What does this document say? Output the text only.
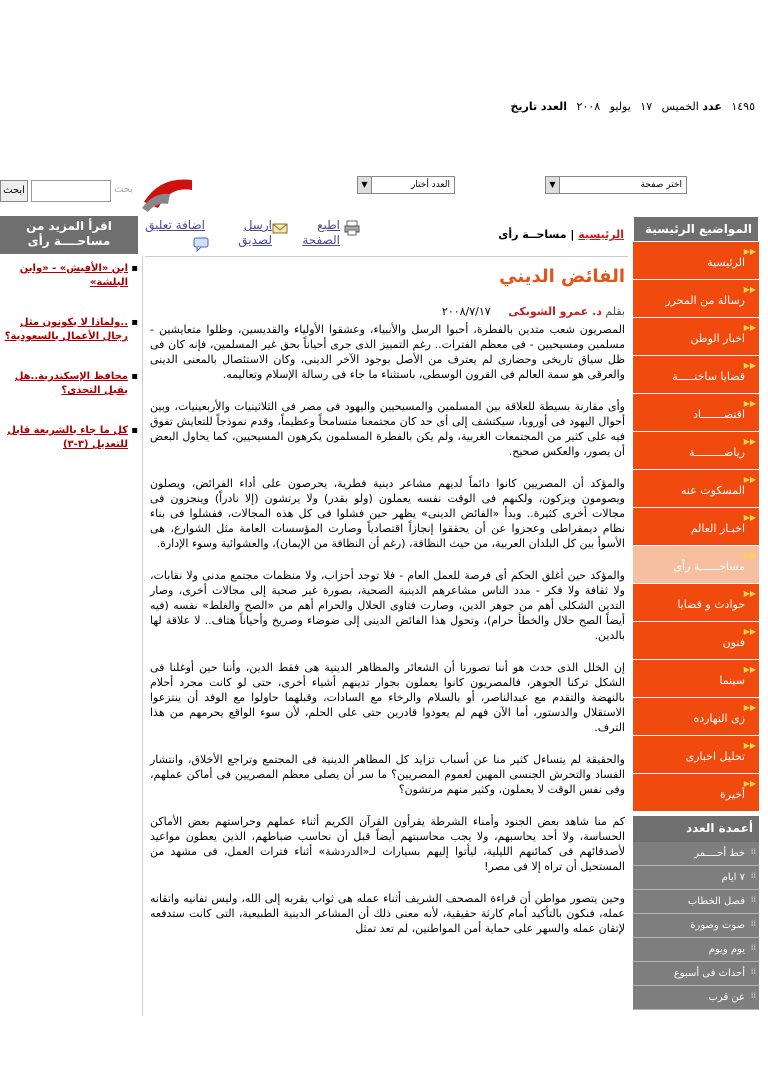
١٤٩٥ عدد الخميس ١٧ يوليو ٢٠٠٨ العدد تاريخ
ابحث	بحث	▼	العدد أختار	▼	اختر صفحة
اقرأ المزيد من مساحــــة رأى
▪ ابن «الأفيش» - «وابن البلشة»
▪ ..ولماذا لا يكونون مثل رجال الأعمال بالسعودية؟
▪ محافظ الإسكندرية..هل يقبل التحدى؟
▪ كل ما جاء بالشريعة قابل للتعديل (٣-٣)
الرئيسية | مساحــة رأى
اطبع الصفحة
ارسل لصديق
اضافة تعليق
الفائض الديني
بقلم د. عمرو الشوبكى ٢٠٠٨/٧/١٧

المصريون شعب متدين بالفطرة، أحبوا الرسل والأنبياء، وعشقوا الأولياء والقديسين، وظلوا متعايشين - مسلمين ومسيحيين - فى معظم الفترات.. رغم التمييز الذى جرى أحياناً بحق غير المسلمين، فإنه كان فى ظل سياق تاريخى وحضارى لم يعترف من الأصل بوجود الآخر الدينى، وكان الاستئصال بالمعنى الدينى والعرقى هو سمة العالم فى القرون الوسطى، باستثناء ما جاء فى رسالة الإسلام وتعاليمه.

وأى مقارنة بسيطة للعلاقة بين المسلمين والمسيحيين واليهود فى مصر فى الثلاثينيات والأربعينيات، وبين أحوال اليهود فى أوروبا، سيكتشف إلى أى حد كان مجتمعنا متسامحاً وعظيماً، وقدم نموذجاً للتعايش تفوق فيه على كثير من المجتمعات الغربية، ولم يكن بالفطرة المسلمون يكرهون المسيحيين، كما يحاول البعض أن يصور، والعكس صحيح.

والمؤكد أن المصريين كانوا دائماً لديهم مشاعر دينية فطرية، يحرصون على أداء الفرائض، ويصلون ويصومون ويزكون، ولكنهم فى الوقت نفسه يعملون (ولو بقدر) ولا يرتشون (إلا نادراً) وينجزون فى مجالات أخرى كثيرة.. وبدأ «الفائض الدينى» يظهر حين فشلوا فى كل هذه المجالات، ففشلوا فى بناء نظام ديمقراطى وعجزوا عن أن يحققوا إنجازاً اقتصادياً وصارت المؤسسات العامة مثل الشوارع، هى الأسوأ بين كل البلدان العربية، من حيث النظافة، (رغم أن النظافة من الإيمان)، والعشوائية وسوء الإدارة.

والمؤكد حين أغلق الحكم أى فرصة للعمل العام - فلا توجد أحزاب، ولا منظمات مجتمع مدنى ولا نقابات، ولا ثقافة ولا فكر - مدد الناس مشاعرهم الدينية الصحية، بصورة غير صحية إلى مجالات أخرى، وصار التدين الشكلى أهم من جوهر الدين، وصارت فتاوى الحلال والحرام أهم من «الصح والغلط» نفسه (فيه أيضاً الصح حلال والخطأ حرام)، وتحول هذا الفائض الدينى إلى ضوضاء وصريخ وأحياناً هتاف.. لا علاقة لها بالدين.

إن الخلل الذى حدث هو أننا تصورنا أن الشعائر والمظاهر الدينية هى فقط الدين، وأننا حين أوغلنا فى الشكل تركنا الجوهر، فالمصريون كانوا يعملون بجوار تدينهم أشياء أخرى، حتى لو كانت مجرد أحلام بالنهضة والتقدم مع عبدالناصر، أو بالسلام والرخاء مع السادات، وقبلهما حاولوا مع الوفد أن ينتزعوا الاستقلال والدستور، أما الآن فهم لم يعودوا قادرين حتى على الحلم، لأن سوء الواقع يحرمهم من هذا الترف.

والحقيقة لم يتساءل كثير منا عن أسباب تزايد كل المظاهر الدينية فى المجتمع وتراجع الأخلاق، وانتشار الفساد والتحرش الجنسى المهين لعموم المصريين؟ ما سر أن يصلى معظم المصريين فى أماكن عملهم، وفى نفس الوقت لا يعملون، وكثير منهم مرتشون؟

كم منا شاهد بعض الجنود وأمناء الشرطة يقرأون القرآن الكريم أثناء عملهم وحراستهم بعض الأماكن الحساسة، ولا أحد يحاسبهم، ولا يجب محاسبتهم أيضاً قبل أن نحاسب ضباطهم، الذين يعطون مواعيد لأصدقائهم فى كمائنهم الليلية، ليأتوا إليهم بسيارات لـ«الدردشة» أثناء فترات العمل، فى مشهد من المستحيل أن تراه إلا فى مصر!

وحين يتصور مواطن أن قراءة المصحف الشريف أثناء عمله هى ثواب يقربه إلى الله، وليس تفانيه واتقانه عمله، فنكون بالتأكيد أمام كارثة حقيقية، لأنه معنى ذلك أن المشاعر الدينية الطبيعية، التى كانت ستدفعه لإتقان عمله والسهر على حماية أمن المواطنين، لم تعد تمثل

المواضيع الرئيسية
▶▶
الرئيسية
▶▶
رسالة من المحرر
▶▶
اخبار الوطن
▶▶
قضايا ساخنـــــة
▶▶
اقتصـــــــاد
▶▶
رياضـــــــــة
▶▶
المسكوت عنه
▶▶
اخبـار العالم
▶▶
مساحــــــة رأى
▶▶
حوادث و قضايا
▶▶
فنون
▶▶
سينما
▶▶
زى النهارده
▶▶
تحليل اخبارى
▶▶
أخيرة
أعمدة العدد
⁞⁞
خط أحــــمر
⁞⁞
٧ ايام
⁞⁞
فصل الخطاب
⁞⁞
صوت وصورة
⁞⁞
يوم ويوم
⁞⁞
أحداث فى أسبوع
⁞⁞
عن قرب
